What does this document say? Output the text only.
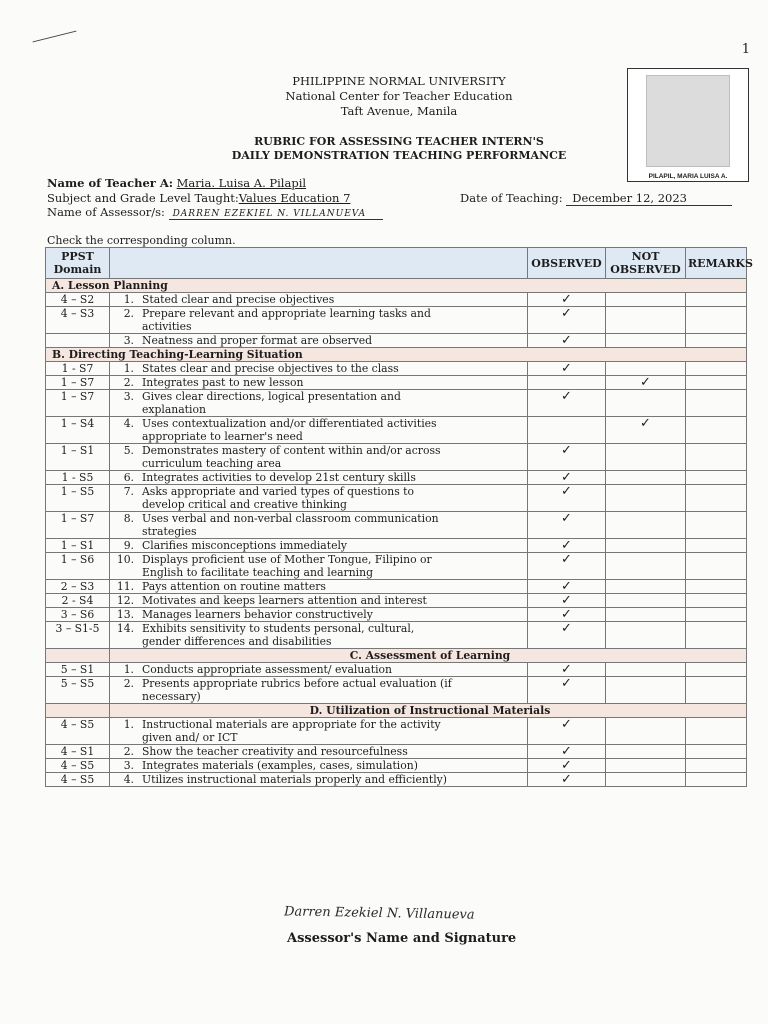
1
PHILIPPINE NORMAL UNIVERSITY
National Center for Teacher Education
Taft Avenue, Manila
RUBRIC FOR ASSESSING TEACHER INTERN'S
DAILY DEMONSTRATION TEACHING PERFORMANCE
PILAPIL, MARIA LUISA A.
Name of Teacher A: Maria. Luisa A. Pilapil
Subject and Grade Level Taught:Values Education 7	Date of Teaching: December 12, 2023
Name of Assessor/s: DARREN EZEKIEL N. VILLANUEVA
Check the corresponding column.
PPST Domain		OBSERVED	NOT OBSERVED	REMARKS
A. Lesson Planning				
4 – S2	1. Stated clear and precise objectives	✓		
4 – S3	2. Prepare relevant and appropriate learning tasks and activities	✓		
	3. Neatness and proper format are observed	✓		
B. Directing Teaching-Learning Situation				
1 - S7	1. States clear and precise objectives to the class	✓		
1 – S7	2. Integrates past to new lesson		✓	
1 – S7	3. Gives clear directions, logical presentation and explanation	✓		
1 – S4	4. Uses contextualization and/or differentiated activities appropriate to learner's need		✓	
1 – S1	5. Demonstrates mastery of content within and/or across curriculum teaching area	✓		
1 - S5	6. Integrates activities to develop 21st century skills	✓		
1 – S5	7. Asks appropriate and varied types of questions to develop critical and creative thinking	✓		
1 – S7	8. Uses verbal and non-verbal classroom communication strategies	✓		
1 – S1	9. Clarifies misconceptions immediately	✓		
1 – S6	10. Displays proficient use of Mother Tongue, Filipino or English to facilitate teaching and learning	✓		
2 – S3	11. Pays attention on routine matters	✓		
2 - S4	12. Motivates and keeps learners attention and interest	✓		
3 – S6	13. Manages learners behavior constructively	✓		
3 – S1-5	14. Exhibits sensitivity to students personal, cultural, gender differences and disabilities	✓		
	C. Assessment of Learning			
5 – S1	1. Conducts appropriate assessment/ evaluation	✓		
5 – S5	2. Presents appropriate rubrics before actual evaluation (if necessary)	✓		
	D. Utilization of Instructional Materials			
4 – S5	1. Instructional materials are appropriate for the activity given and/ or ICT	✓		
4 – S1	2. Show the teacher creativity and resourcefulness	✓		
4 – S5	3. Integrates materials (examples, cases, simulation)	✓		
4 – S5	4. Utilizes instructional materials properly and efficiently)	✓		
Darren Ezekiel N. Villanueva
Assessor's Name and Signature
